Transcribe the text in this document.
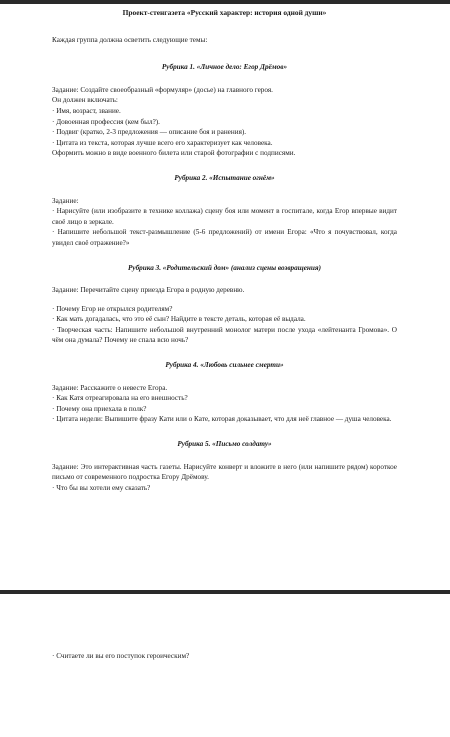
Проект-стенгазета «Русский характер: история одной души»
Каждая группа должна осветить следующие темы:
Рубрика 1. «Личное дело: Егор Дрёмов»

Задание: Создайте своеобразный «формуляр» (досье) на главного героя.

Он должен включать:

· Имя, возраст, звание.

· Довоенная профессия (кем был?).

· Подвиг (кратко, 2-3 предложения — описание боя и ранения).

· Цитата из текста, которая лучше всего его характеризует как человека.

Оформить можно в виде военного билета или старой фотографии с подписями.

Рубрика 2. «Испытание огнём»

Задание:

· Нарисуйте (или изобразите в технике коллажа) сцену боя или момент в госпитале, когда Егор впервые видит своё лицо в зеркале.

· Напишите небольшой текст-размышление (5-6 предложений) от имени Егора: «Что я почувствовал, когда увидел своё отражение?»

Рубрика 3. «Родительский дом» (анализ сцены возвращения)

Задание: Перечитайте сцену приезда Егора в родную деревню.

· Почему Егор не открылся родителям?

· Как мать догадалась, что это её сын? Найдите в тексте деталь, которая её выдала.

· Творческая часть: Напишите небольшой внутренний монолог матери после ухода «лейтенанта Громова». О чём она думала? Почему не спала всю ночь?

Рубрика 4. «Любовь сильнее смерти»

Задание: Расскажите о невесте Егора.

· Как Катя отреагировала на его внешность?

· Почему она приехала в полк?

· Цитата недели: Выпишите фразу Кати или о Кате, которая доказывает, что для неё главное — душа человека.

Рубрика 5. «Письмо солдату»

Задание: Это интерактивная часть газеты. Нарисуйте конверт и вложите в него (или напишите рядом) короткое письмо от современного подростка Егору Дрёмову.

· Что бы вы хотели ему сказать?

· Считаете ли вы его поступок героическим?
